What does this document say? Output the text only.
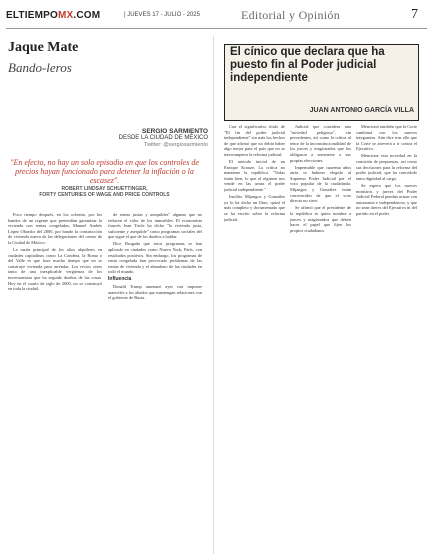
ELTIEMPOMX.COM	| JUEVES 17 - JULIO - 2025	Editorial y Opinión	7
Jaque Mate
Bando-leros
SERGIO SARMIENTO
DESDE LA CIUDAD DE MÉXICO
Twitter: @sergiosarmiento
"En efecto, no hay un solo episodio en que los controles de precios hayan funcionado para detener la inflación o la escasez".
ROBERT LINDSAY SCHUETTINGER,
FORTY CENTURIES OF WAGE AND PRICE CONTROLS
El cínico que declara que ha puesto fin al Poder judicial independiente
JUAN ANTONIO GARCÍA VILLA

Poco tiempo después, en los ochenta, por los bandos de un regente que pretendían garantizar la vivienda con rentas congeladas, Manuel Andrés López Obrador del 2000, por bando la construcción de vivienda nueva de las delegaciones del centro de la Ciudad de México.

La razón principal de los altos alquileres en ciudades capitalinas como La Condesa, la Roma o del Valle es que hace mucho tiempo que no se construye vivienda para arrendar. Los recios ceses tanto de una inexplicable vergüenza de los inversionistas que ha seguido dueños de las cosas. Hoy en el cuarto de siglo de 2000, no se construyó en toda la ciudad.

de rentas justas y asequibles" algunas que no reducen el valor de los inmuebles. El economista francés Jean Tirole ha dicho "la vivienda justa, suficiente y asequible" como programas sociales del que sigue el que de los dueños a hablar.

Dice Brugada que estos programas se han aplicado en ciudades como Nueva York, París, con resultados positivos. Sin embargo, los programas de renta congelada han provocado problemas de las rentas de vivienda y el abandono de las ciudades en todo el mundo.

Influencia

Donald Trump amenazó ayer con imponer aranceles a los aliados que mantengan relaciones con el gobierno de Rusia.

Con el significativo título de "El fin del poder judicial independiente" sin más los hechos de que afirmó que no debía haber algo mejor para el país que no se interrumpiera la reforma judicial.

El artículo inicial de un Enrique Krauze, La crítica no mantiene la república, "Todas están bien, lo que el régimen nos vende en las urnas el poder judicial independiente."

Insólito Mijangos y González ya lo ha dicho un libro, quizá el más completo y documentado que se ha escrito sobre la reforma judicial.

Judicial que considera una "novedad peligrosa", sin precedentes, así como la crítica al tenor de la inconstitucionalidad de los jueces y magistrados que los obligaron a someterse a sus propias elecciones.

Impensable que cuarenta años atrás se hubiese elegido al Supremo Poder Judicial por el voto popular de la ciudadanía. Mijangos y González están convencidos de que el voto directo no sirve.

Se afirmó que el presidente de la república es quien nombra a jueces y magistrados que deben hacer el papel que fijen los propios ciudadanos.

Mencionó también que la Corte cambiará con los nuevos integrantes. Aún dice tras ello que la Corte se atreverá a ir contra el Ejecutivo.

Mencione esta novedad en la comisión de propuestas, así como sus decisiones para la reforma del poder judicial, que ha concedido tanta dignidad al cargo.

Se espera que los nuevos ministros y jueces del Poder Judicial Federal puedan actuar con autonomía e independencia, y que no sean títeres del Ejecutivo ni del partido en el poder.
